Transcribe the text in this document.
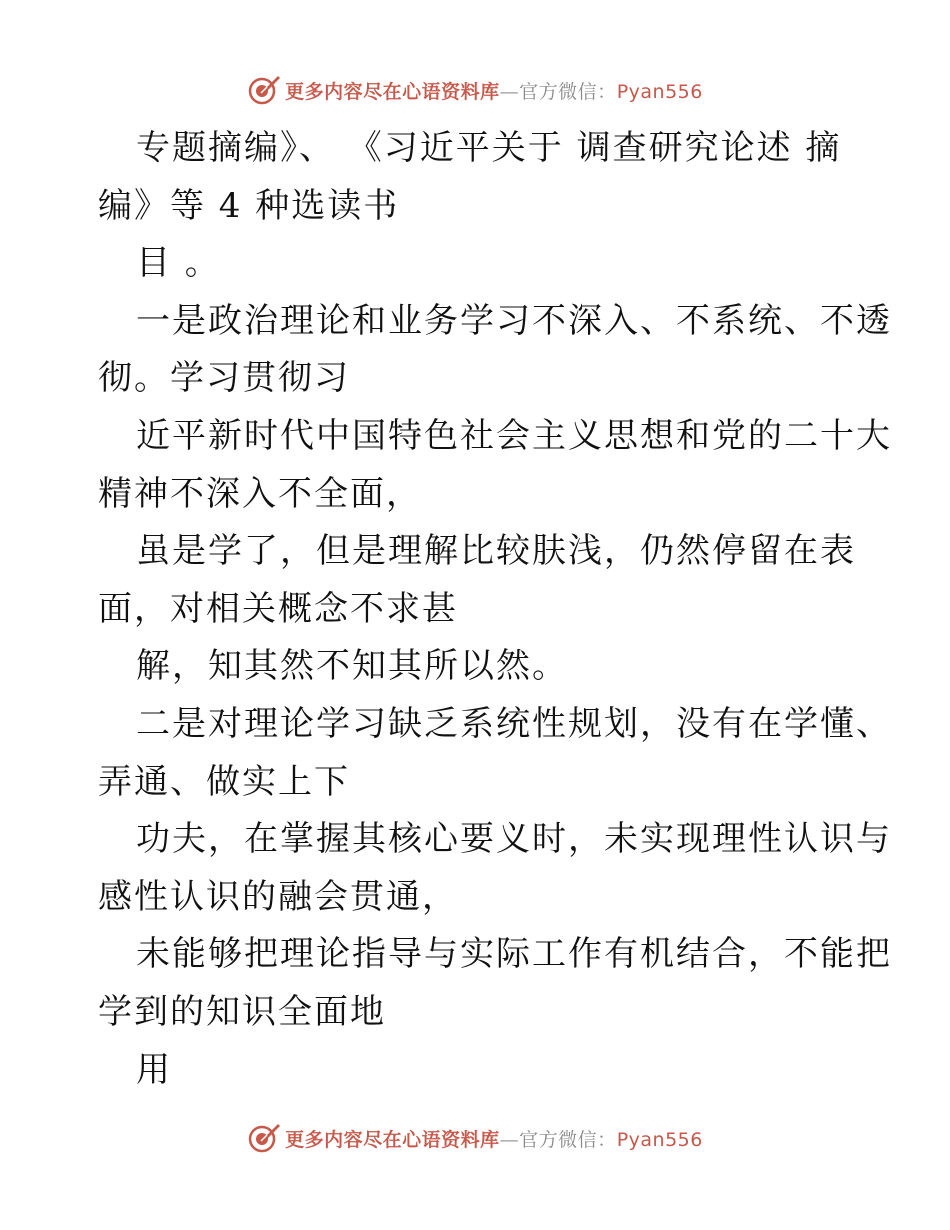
更多内容尽在心语资料库—官方微信：Pyan556
专题摘编》、 《习近平关于 调查研究论述 摘
编》等 4 种选读书
目 。
一是政治理论和业务学习不深入、不系统、不透
彻。学习贯彻习
近平新时代中国特色社会主义思想和党的二十大
精神不深入不全面，
虽是学了，但是理解比较肤浅，仍然停留在表
面，对相关概念不求甚
解，知其然不知其所以然。
二是对理论学习缺乏系统性规划，没有在学懂、
弄通、做实上下
功夫，在掌握其核心要义时，未实现理性认识与
感性认识的融会贯通，
未能够把理论指导与实际工作有机结合，不能把
学到的知识全面地
用
更多内容尽在心语资料库—官方微信：Pyan556
